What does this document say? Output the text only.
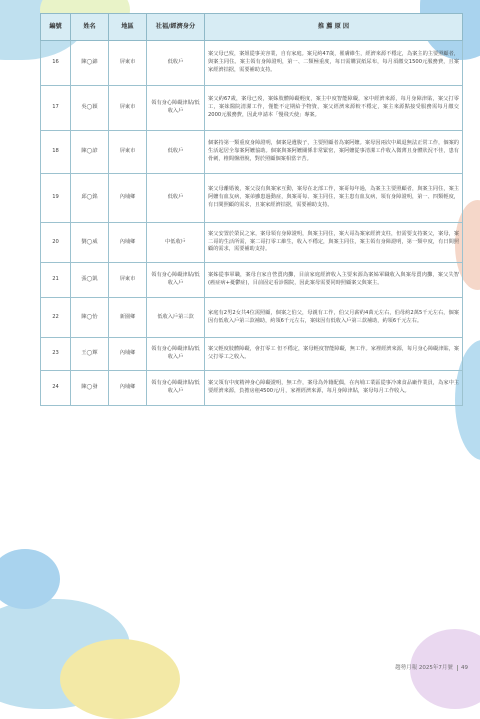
編號	姓名	地區	社福/經濟身分	推 薦 原 因
16	陳◯錦	屏東市	低收戶	案父母已歿，案姐從事美容業，自有家庭。案兄約47歲，罹膚維生，經濟來源不穩定，為案主的主要照顧者，與案主同住。案主領有身障證明，第一、二類極重度，每日需購買紙尿布，每月須繳交1500元服務費，且案家經濟拮据，需要補助支持。
17	吳◯穎	屏東市	領有身心障礙津貼/低收入戶	案父約67歲，案母已歿，案姊肢體障礙輕度，案主中度智能障礙，家中經濟來源，每月身障津貼，案父打零工，案妹醫院清潔工作，僅能不定期給予物資，案父經濟來源較不穩定，案主來源點接受服務需每月繳交2000元服務費，因此申請本「慢飛天使」專案。
18	陳◯諺	屏東市	低收戶	個案持第一類重度身障證明，個案是遺腹子，主要照顧者為案阿嬤。案母因兩次中風退無法正常工作，個案的生活起居全靠案阿嬤協助。個案與案阿嬤關係非常緊密，案阿嬤從事清潔工作收入微薄且身體狀況不佳，患有骨刺，椎間盤滑脫，對於照顧個案相當辛苦。
19	邱◯銘	內埔鄉	低收戶	案父母離婚後，案父沒有與案家互動，案母在北部工作，案哥每年過，為案主主要照顧者，與案主同住，案主阿嬤有血友病，案弟雖患過動症，與案哥每、案主同住，案主患有血友病，領有身障證明，第一、四類輕度，有日間照顧的需求，且案家經濟拮据，需要補助支持。
20	劉◯威	內埔鄉	中低收戶	案父安置於榮民之家，案母領有身障證明，與案主同住，案大哥為案家經濟支柱，但需要支持案父，案母，案二哥的生活所需，案二哥打零工維生，收入不穩定，與案主同住，案主領有身障證明，第一類中度，有日間照顧的需求，需要補助支持。
21	張◯凱	屏東市	領有身心障礙津貼/低收入戶	案姊從事軍職，案母自家自營賣肉攤，目前家庭經濟收入主要來源為案姊軍職收入與案母賣肉攤，案父失智(癌症病+憂鬱症)，目前固定看診醫院，因此案母需要同時照顧案父與案主。
22	陳◯怡	新園鄉	低收入戶第三款	家庭有2男2女共4位需照顧，個案之伯父，母親有工作，伯父月薪約4萬元左右，伯母約2萬5千元左右，個案因有低收入戶第三款補助，約領6千元左右，案妹因有低收入戶第三款補助，約領6千元左右。
23	王◯輝	內埔鄉	領有身心障礙津貼/低收入戶	案父輕度肢體障礙，會打零工 但不穩定，案母輕度智能障礙，無工作。家裡經濟來源，每月身心障礙津貼，案父打零工之收入。
24	陳◯發	內埔鄉	領有身心障礙津貼/低收入戶	案父領有中度精神身心障礙證明，無工作，案母為外籍配偶，在內埔工業區從事冷凍食品廠作業員，為家中主要經濟來源，負擔房租4500元/月，家裡經濟來源，每月身障津貼，案母每月工作收入。
趨勢月報 2025年7月號 49
